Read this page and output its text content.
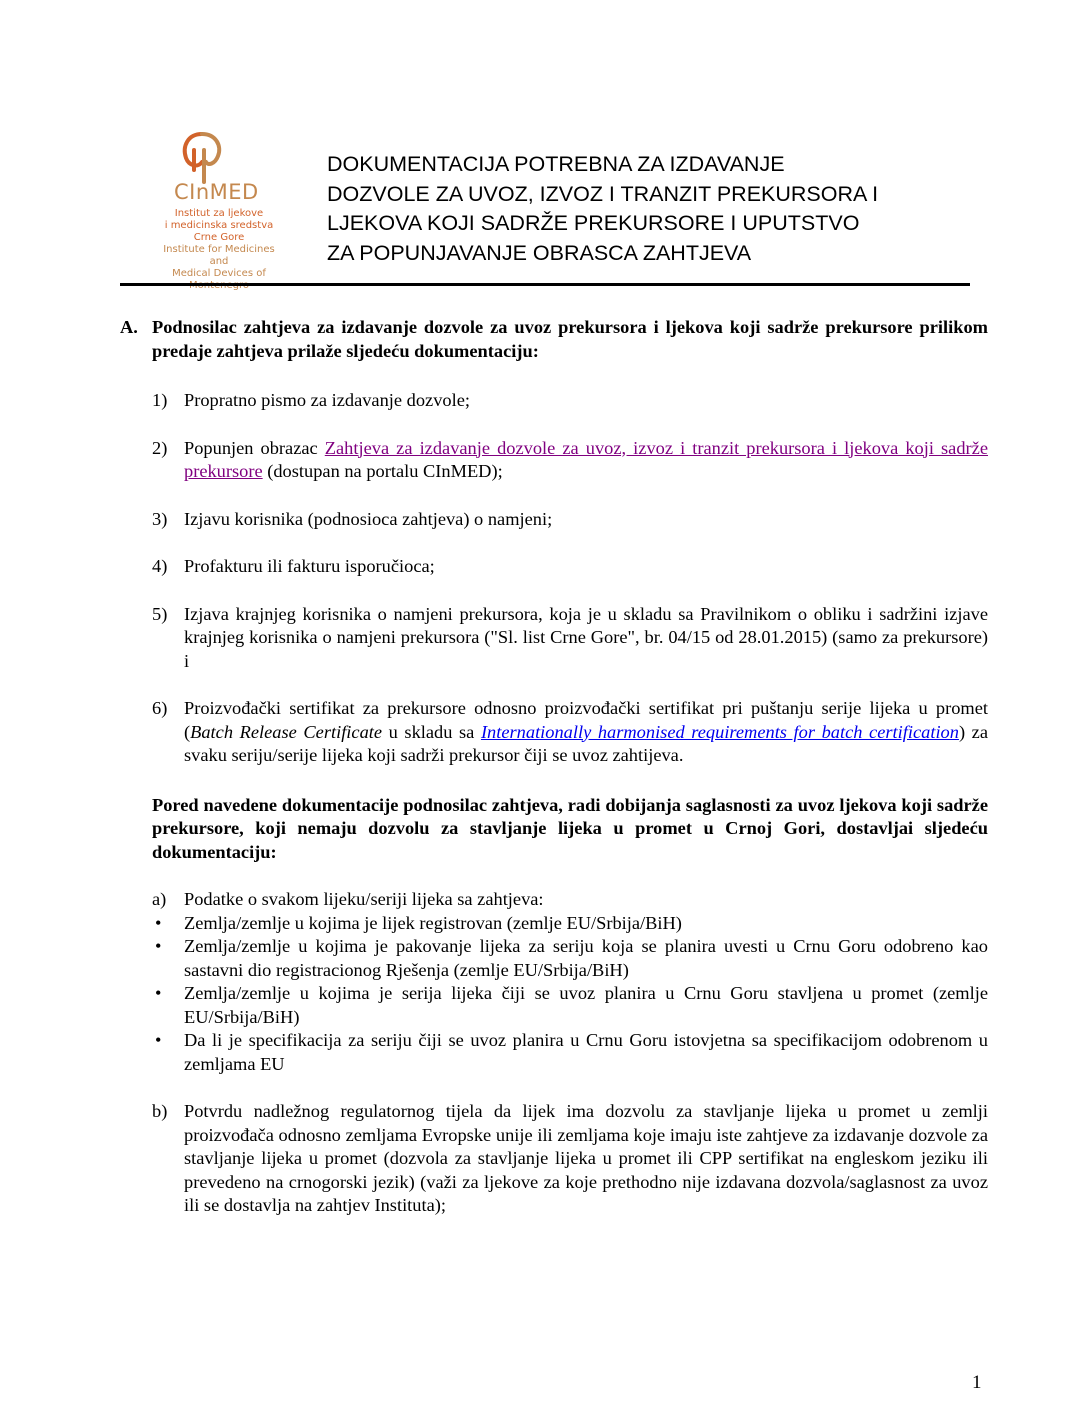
CInMED
Institut za ljekove
i medicinska sredstva Crne Gore
Institute for Medicines and
Medical Devices of
DOKUMENTACIJA POTREBNA ZA IZDAVANJE
DOZVOLE ZA UVOZ, IZVOZ I TRANZIT PREKURSORA I
LJEKOVA KOJI SADRŽE PREKURSORE I UPUTSTVO
ZA POPUNJAVANJE OBRASCA ZAHTJEVA
A. Podnosilac zahtjeva za izdavanje dozvole za uvoz prekursora i ljekova koji sadrže prekursore prilikom predaje zahtjeva prilaže sljedeću dokumentaciju:
1) Propratno pismo za izdavanje dozvole;
2) Popunjen obrazac Zahtjeva za izdavanje dozvole za uvoz, izvoz i tranzit prekursora i ljekova koji sadrže prekursore (dostupan na portalu CInMED);
3) Izjavu korisnika (podnosioca zahtjeva) o namjeni;
4) Profakturu ili fakturu isporučioca;
5) Izjava krajnjeg korisnika o namjeni prekursora, koja je u skladu sa Pravilnikom o obliku i sadržini izjave krajnjeg korisnika o namjeni prekursora ("Sl. list Crne Gore", br. 04/15 od 28.01.2015) (samo za prekursore) i
6) Proizvođački sertifikat za prekursore odnosno proizvođački sertifikat pri puštanju serije lijeka u promet (Batch Release Certificate u skladu sa Internationally harmonised requirements for batch certification) za svaku seriju/serije lijeka koji sadrži prekursor čiji se uvoz zahtijeva.
Pored navedene dokumentacije podnosilac zahtjeva, radi dobijanja saglasnosti za uvoz ljekova koji sadrže prekursore, koji nemaju dozvolu za stavljanje lijeka u promet u Crnoj Gori, dostavljai sljedeću dokumentaciju:
a) Podatke o svakom lijeku/seriji lijeka sa zahtjeva:
• Zemlja/zemlje u kojima je lijek registrovan (zemlje EU/Srbija/BiH)
• Zemlja/zemlje u kojima je pakovanje lijeka za seriju koja se planira uvesti u Crnu Goru odobreno kao sastavni dio registracionog Rješenja (zemlje EU/Srbija/BiH)
• Zemlja/zemlje u kojima je serija lijeka čiji se uvoz planira u Crnu Goru stavljena u promet (zemlje EU/Srbija/BiH)
• Da li je specifikacija za seriju čiji se uvoz planira u Crnu Goru istovjetna sa specifikacijom odobrenom u zemljama EU
b) Potvrdu nadležnog regulatornog tijela da lijek ima dozvolu za stavljanje lijeka u promet u zemlji proizvođača odnosno zemljama Evropske unije ili zemljama koje imaju iste zahtjeve za izdavanje dozvole za stavljanje lijeka u promet (dozvola za stavljanje lijeka u promet ili CPP sertifikat na engleskom jeziku ili prevedeno na crnogorski jezik) (važi za ljekove za koje prethodno nije izdavana dozvola/saglasnost za uvoz ili se dostavlja na zahtjev Instituta);
1
